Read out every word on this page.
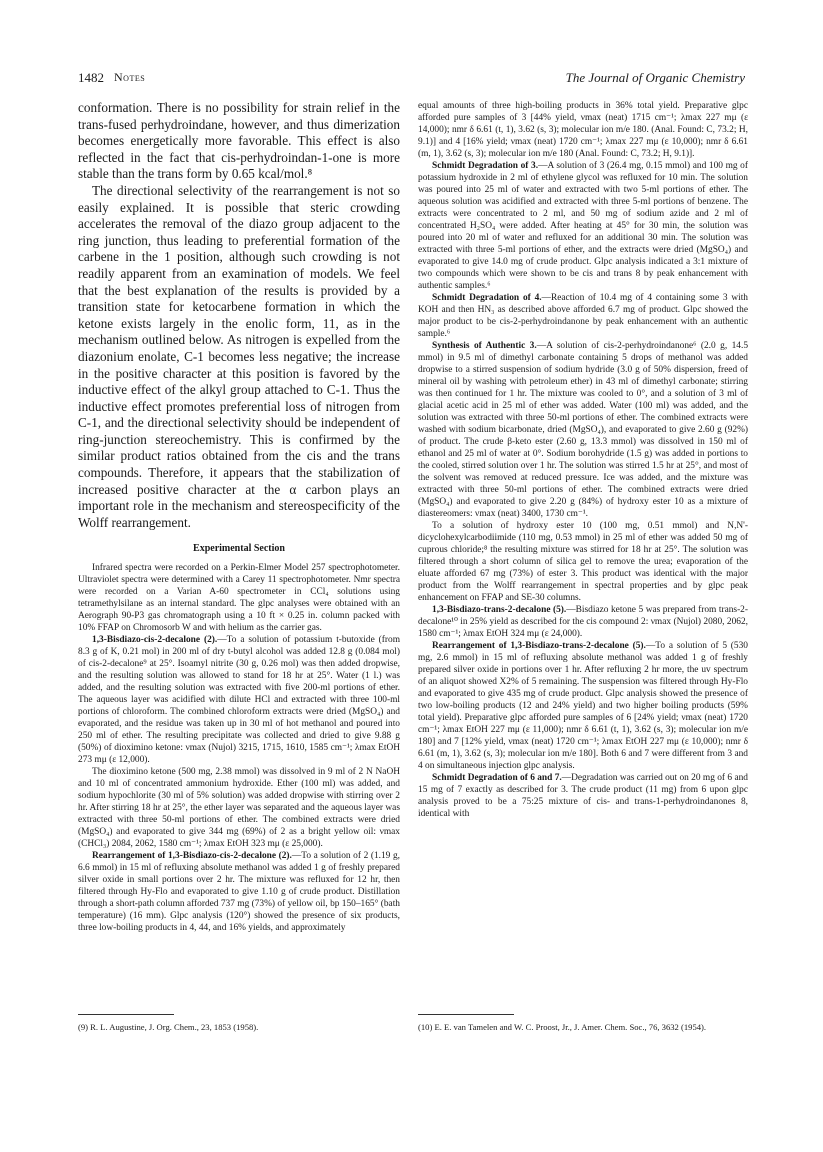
1482 Notes	The Journal of Organic Chemistry

conformation. There is no possibility for strain relief in the trans-fused perhydroindane, however, and thus dimerization becomes energetically more favorable. This effect is also reflected in the fact that cis-perhydroindan-1-one is more stable than the trans form by 0.65 kcal/mol.⁸

The directional selectivity of the rearrangement is not so easily explained. It is possible that steric crowding accelerates the removal of the diazo group adjacent to the ring junction, thus leading to preferential formation of the carbene in the 1 position, although such crowding is not readily apparent from an examination of models. We feel that the best explanation of the results is provided by a transition state for ketocarbene formation in which the ketone exists largely in the enolic form, 11, as in the mechanism outlined below. As nitrogen is expelled from the diazonium enolate, C-1 becomes less negative; the increase in the positive character at this position is favored by the inductive effect of the alkyl group attached to C-1. Thus the inductive effect promotes preferential loss of nitrogen from C-1, and the directional selectivity should be independent of ring-junction stereochemistry. This is confirmed by the similar product ratios obtained from the cis and the trans compounds. Therefore, it appears that the stabilization of increased positive character at the α carbon plays an important role in the mechanism and stereospecificity of the Wolff rearrangement.

Experimental Section

Infrared spectra were recorded on a Perkin-Elmer Model 257 spectrophotometer. Ultraviolet spectra were determined with a Carey 11 spectrophotometer. Nmr spectra were recorded on a Varian A-60 spectrometer in CCl₄ solutions using tetramethylsilane as an internal standard. The glpc analyses were obtained with an Aerograph 90-P3 gas chromatograph using a 10 ft × 0.25 in. column packed with 10% FFAP on Chromosorb W and with helium as the carrier gas.

1,3-Bisdiazo-cis-2-decalone (2).—To a solution of potassium t-butoxide (from 8.3 g of K, 0.21 mol) in 200 ml of dry t-butyl alcohol was added 12.8 g (0.084 mol) of cis-2-decalone⁹ at 25°. Isoamyl nitrite (30 g, 0.26 mol) was then added dropwise, and the resulting solution was allowed to stand for 18 hr at 25°. Water (1 l.) was added, and the resulting solution was extracted with five 200-ml portions of ether. The aqueous layer was acidified with dilute HCl and extracted with three 100-ml portions of chloroform. The combined chloroform extracts were dried (MgSO₄) and evaporated, and the residue was taken up in 30 ml of hot methanol and poured into 250 ml of ether. The resulting precipitate was collected and dried to give 9.88 g (50%) of dioximino ketone: νmax (Nujol) 3215, 1715, 1610, 1585 cm⁻¹; λmax EtOH 273 mμ (ε 12,000).

The dioximino ketone (500 mg, 2.38 mmol) was dissolved in 9 ml of 2 N NaOH and 10 ml of concentrated ammonium hydroxide. Ether (100 ml) was added, and sodium hypochlorite (30 ml of 5% solution) was added dropwise with stirring over 2 hr. After stirring 18 hr at 25°, the ether layer was separated and the aqueous layer was extracted with three 50-ml portions of ether. The combined extracts were dried (MgSO₄) and evaporated to give 344 mg (69%) of 2 as a bright yellow oil: νmax (CHCl₃) 2084, 2062, 1580 cm⁻¹; λmax EtOH 323 mμ (ε 25,000).

Rearrangement of 1,3-Bisdiazo-cis-2-decalone (2).—To a solution of 2 (1.19 g, 6.6 mmol) in 15 ml of refluxing absolute methanol was added 1 g of freshly prepared silver oxide in small portions over 2 hr. The mixture was refluxed for 12 hr, then filtered through Hy-Flo and evaporated to give 1.10 g of crude product. Distillation through a short-path column afforded 737 mg (73%) of yellow oil, bp 150–165° (bath temperature) (16 mm). Glpc analysis (120°) showed the presence of six products, three low-boiling products in 4, 44, and 16% yields, and approximately

equal amounts of three high-boiling products in 36% total yield. Preparative glpc afforded pure samples of 3 [44% yield, νmax (neat) 1715 cm⁻¹; λmax 227 mμ (ε 14,000); nmr δ 6.61 (t, 1), 3.62 (s, 3); molecular ion m/e 180. (Anal. Found: C, 73.2; H, 9.1)] and 4 [16% yield; νmax (neat) 1720 cm⁻¹; λmax 227 mμ (ε 10,000); nmr δ 6.61 (m, 1), 3.62 (s, 3); molecular ion m/e 180 (Anal. Found: C, 73.2; H, 9.1)].

Schmidt Degradation of 3.—A solution of 3 (26.4 mg, 0.15 mmol) and 100 mg of potassium hydroxide in 2 ml of ethylene glycol was refluxed for 10 min. The solution was poured into 25 ml of water and extracted with two 5-ml portions of ether. The aqueous solution was acidified and extracted with three 5-ml portions of benzene. The extracts were concentrated to 2 ml, and 50 mg of sodium azide and 2 ml of concentrated H₂SO₄ were added. After heating at 45° for 30 min, the solution was poured into 20 ml of water and refluxed for an additional 30 min. The solution was extracted with three 5-ml portions of ether, and the extracts were dried (MgSO₄) and evaporated to give 14.0 mg of crude product. Glpc analysis indicated a 3:1 mixture of two compounds which were shown to be cis and trans 8 by peak enhancement with authentic samples.⁶

Schmidt Degradation of 4.—Reaction of 10.4 mg of 4 containing some 3 with KOH and then HN₃ as described above afforded 6.7 mg of product. Glpc showed the major product to be cis-2-perhydroindanone by peak enhancement with an authentic sample.⁶

Synthesis of Authentic 3.—A solution of cis-2-perhydroindanone⁶ (2.0 g, 14.5 mmol) in 9.5 ml of dimethyl carbonate containing 5 drops of methanol was added dropwise to a stirred suspension of sodium hydride (3.0 g of 50% dispersion, freed of mineral oil by washing with petroleum ether) in 43 ml of dimethyl carbonate; stirring was then continued for 1 hr. The mixture was cooled to 0°, and a solution of 3 ml of glacial acetic acid in 25 ml of ether was added. Water (100 ml) was added, and the solution was extracted with three 50-ml portions of ether. The combined extracts were washed with sodium bicarbonate, dried (MgSO₄), and evaporated to give 2.60 g (92%) of product. The crude β-keto ester (2.60 g, 13.3 mmol) was dissolved in 150 ml of ethanol and 25 ml of water at 0°. Sodium borohydride (1.5 g) was added in portions to the cooled, stirred solution over 1 hr. The solution was stirred 1.5 hr at 25°, and most of the solvent was removed at reduced pressure. Ice was added, and the mixture was extracted with three 50-ml portions of ether. The combined extracts were dried (MgSO₄) and evaporated to give 2.20 g (84%) of hydroxy ester 10 as a mixture of diastereomers: νmax (neat) 3400, 1730 cm⁻¹.

To a solution of hydroxy ester 10 (100 mg, 0.51 mmol) and N,N'-dicyclohexylcarbodiimide (110 mg, 0.53 mmol) in 25 ml of ether was added 50 mg of cuprous chloride;⁸ the resulting mixture was stirred for 18 hr at 25°. The solution was filtered through a short column of silica gel to remove the urea; evaporation of the eluate afforded 67 mg (73%) of ester 3. This product was identical with the major product from the Wolff rearrangement in spectral properties and by glpc peak enhancement on FFAP and SE-30 columns.

1,3-Bisdiazo-trans-2-decalone (5).—Bisdiazo ketone 5 was prepared from trans-2-decalone¹⁰ in 25% yield as described for the cis compound 2: νmax (Nujol) 2080, 2062, 1580 cm⁻¹; λmax EtOH 324 mμ (ε 24,000).

Rearrangement of 1,3-Bisdiazo-trans-2-decalone (5).—To a solution of 5 (530 mg, 2.6 mmol) in 15 ml of refluxing absolute methanol was added 1 g of freshly prepared silver oxide in portions over 1 hr. After refluxing 2 hr more, the uv spectrum of an aliquot showed X2% of 5 remaining. The suspension was filtered through Hy-Flo and evaporated to give 435 mg of crude product. Glpc analysis showed the presence of two low-boiling products (12 and 24% yield) and two higher boiling products (59% total yield). Preparative glpc afforded pure samples of 6 [24% yield; νmax (neat) 1720 cm⁻¹; λmax EtOH 227 mμ (ε 11,000); nmr δ 6.61 (t, 1), 3.62 (s, 3); molecular ion m/e 180] and 7 [12% yield, νmax (neat) 1720 cm⁻¹; λmax EtOH 227 mμ (ε 10,000); nmr δ 6.61 (m, 1), 3.62 (s, 3); molecular ion m/e 180]. Both 6 and 7 were different from 3 and 4 on simultaneous injection glpc analysis.

Schmidt Degradation of 6 and 7.—Degradation was carried out on 20 mg of 6 and 15 mg of 7 exactly as described for 3. The crude product (11 mg) from 6 upon glpc analysis proved to be a 75:25 mixture of cis- and trans-1-perhydroindanones 8, identical with

(9) R. L. Augustine, J. Org. Chem., 23, 1853 (1958).	(10) E. E. van Tamelen and W. C. Proost, Jr., J. Amer. Chem. Soc., 76, 3632 (1954).
